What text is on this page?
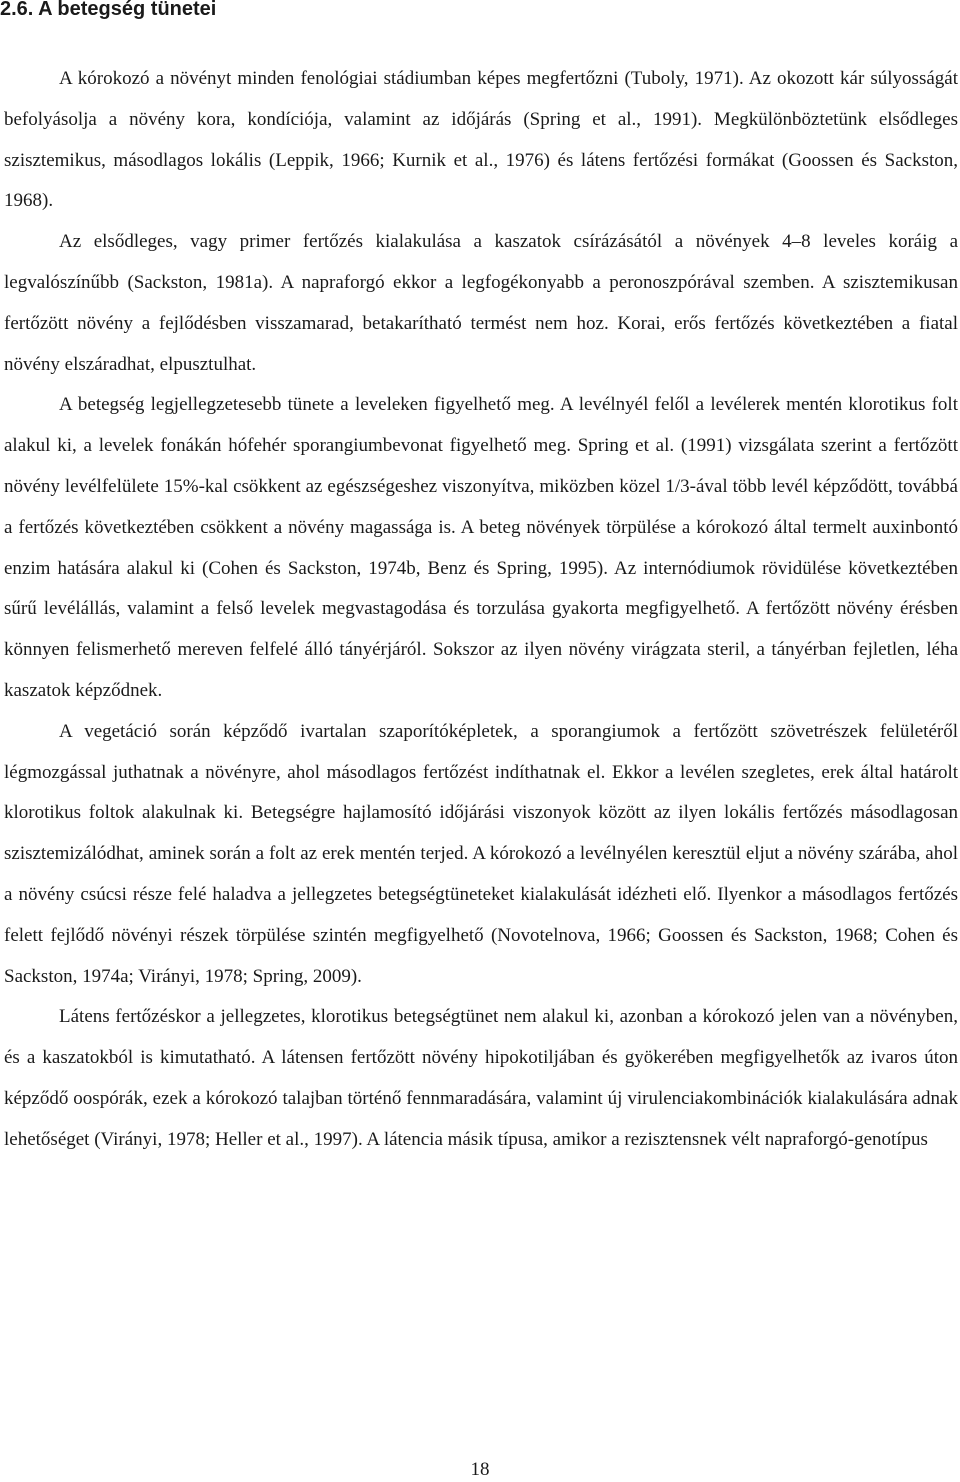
2.6. A betegség tünetei

A kórokozó a növényt minden fenológiai stádiumban képes megfertőzni (Tuboly, 1971). Az okozott kár súlyosságát befolyásolja a növény kora, kondíciója, valamint az időjárás (Spring et al., 1991). Megkülönböztetünk elsődleges szisztemikus, másodlagos lokális (Leppik, 1966; Kurnik et al., 1976) és látens fertőzési formákat (Goossen és Sackston, 1968).

Az elsődleges, vagy primer fertőzés kialakulása a kaszatok csírázásától a növények 4–8 leveles koráig a legvalószínűbb (Sackston, 1981a). A napraforgó ekkor a legfogékonyabb a peronoszpórával szemben. A szisztemikusan fertőzött növény a fejlődésben visszamarad, betakarítható termést nem hoz. Korai, erős fertőzés következtében a fiatal növény elszáradhat, elpusztulhat.

A betegség legjellegzetesebb tünete a leveleken figyelhető meg. A levélnyél felől a levélerek mentén klorotikus folt alakul ki, a levelek fonákán hófehér sporangiumbevonat figyelhető meg. Spring et al. (1991) vizsgálata szerint a fertőzött növény levélfelülete 15%-kal csökkent az egészségeshez viszonyítva, miközben közel 1/3-ával több levél képződött, továbbá a fertőzés következtében csökkent a növény magassága is. A beteg növények törpülése a kórokozó által termelt auxinbontó enzim hatására alakul ki (Cohen és Sackston, 1974b, Benz és Spring, 1995). Az internódiumok rövidülése következtében sűrű levélállás, valamint a felső levelek megvastagodása és torzulása gyakorta megfigyelhető. A fertőzött növény érésben könnyen felismerhető mereven felfelé álló tányérjáról. Sokszor az ilyen növény virágzata steril, a tányérban fejletlen, léha kaszatok képződnek.

A vegetáció során képződő ivartalan szaporítóképletek, a sporangiumok a fertőzött szövetrészek felületéről légmozgással juthatnak a növényre, ahol másodlagos fertőzést indíthatnak el. Ekkor a levélen szegletes, erek által határolt klorotikus foltok alakulnak ki. Betegségre hajlamosító időjárási viszonyok között az ilyen lokális fertőzés másodlagosan szisztemizálódhat, aminek során a folt az erek mentén terjed. A kórokozó a levélnyélen keresztül eljut a növény szárába, ahol a növény csúcsi része felé haladva a jellegzetes betegségtüneteket kialakulását idézheti elő. Ilyenkor a másodlagos fertőzés felett fejlődő növényi részek törpülése szintén megfigyelhető (Novotelnova, 1966; Goossen és Sackston, 1968; Cohen és Sackston, 1974a; Virányi, 1978; Spring, 2009).

Látens fertőzéskor a jellegzetes, klorotikus betegségtünet nem alakul ki, azonban a kórokozó jelen van a növényben, és a kaszatokból is kimutatható. A látensen fertőzött növény hipokotiljában és gyökerében megfigyelhetők az ivaros úton képződő oospórák, ezek a kórokozó talajban történő fennmaradására, valamint új virulenciakombinációk kialakulására adnak lehetőséget (Virányi, 1978; Heller et al., 1997). A látencia másik típusa, amikor a rezisztensnek vélt napraforgó-genotípus

18
